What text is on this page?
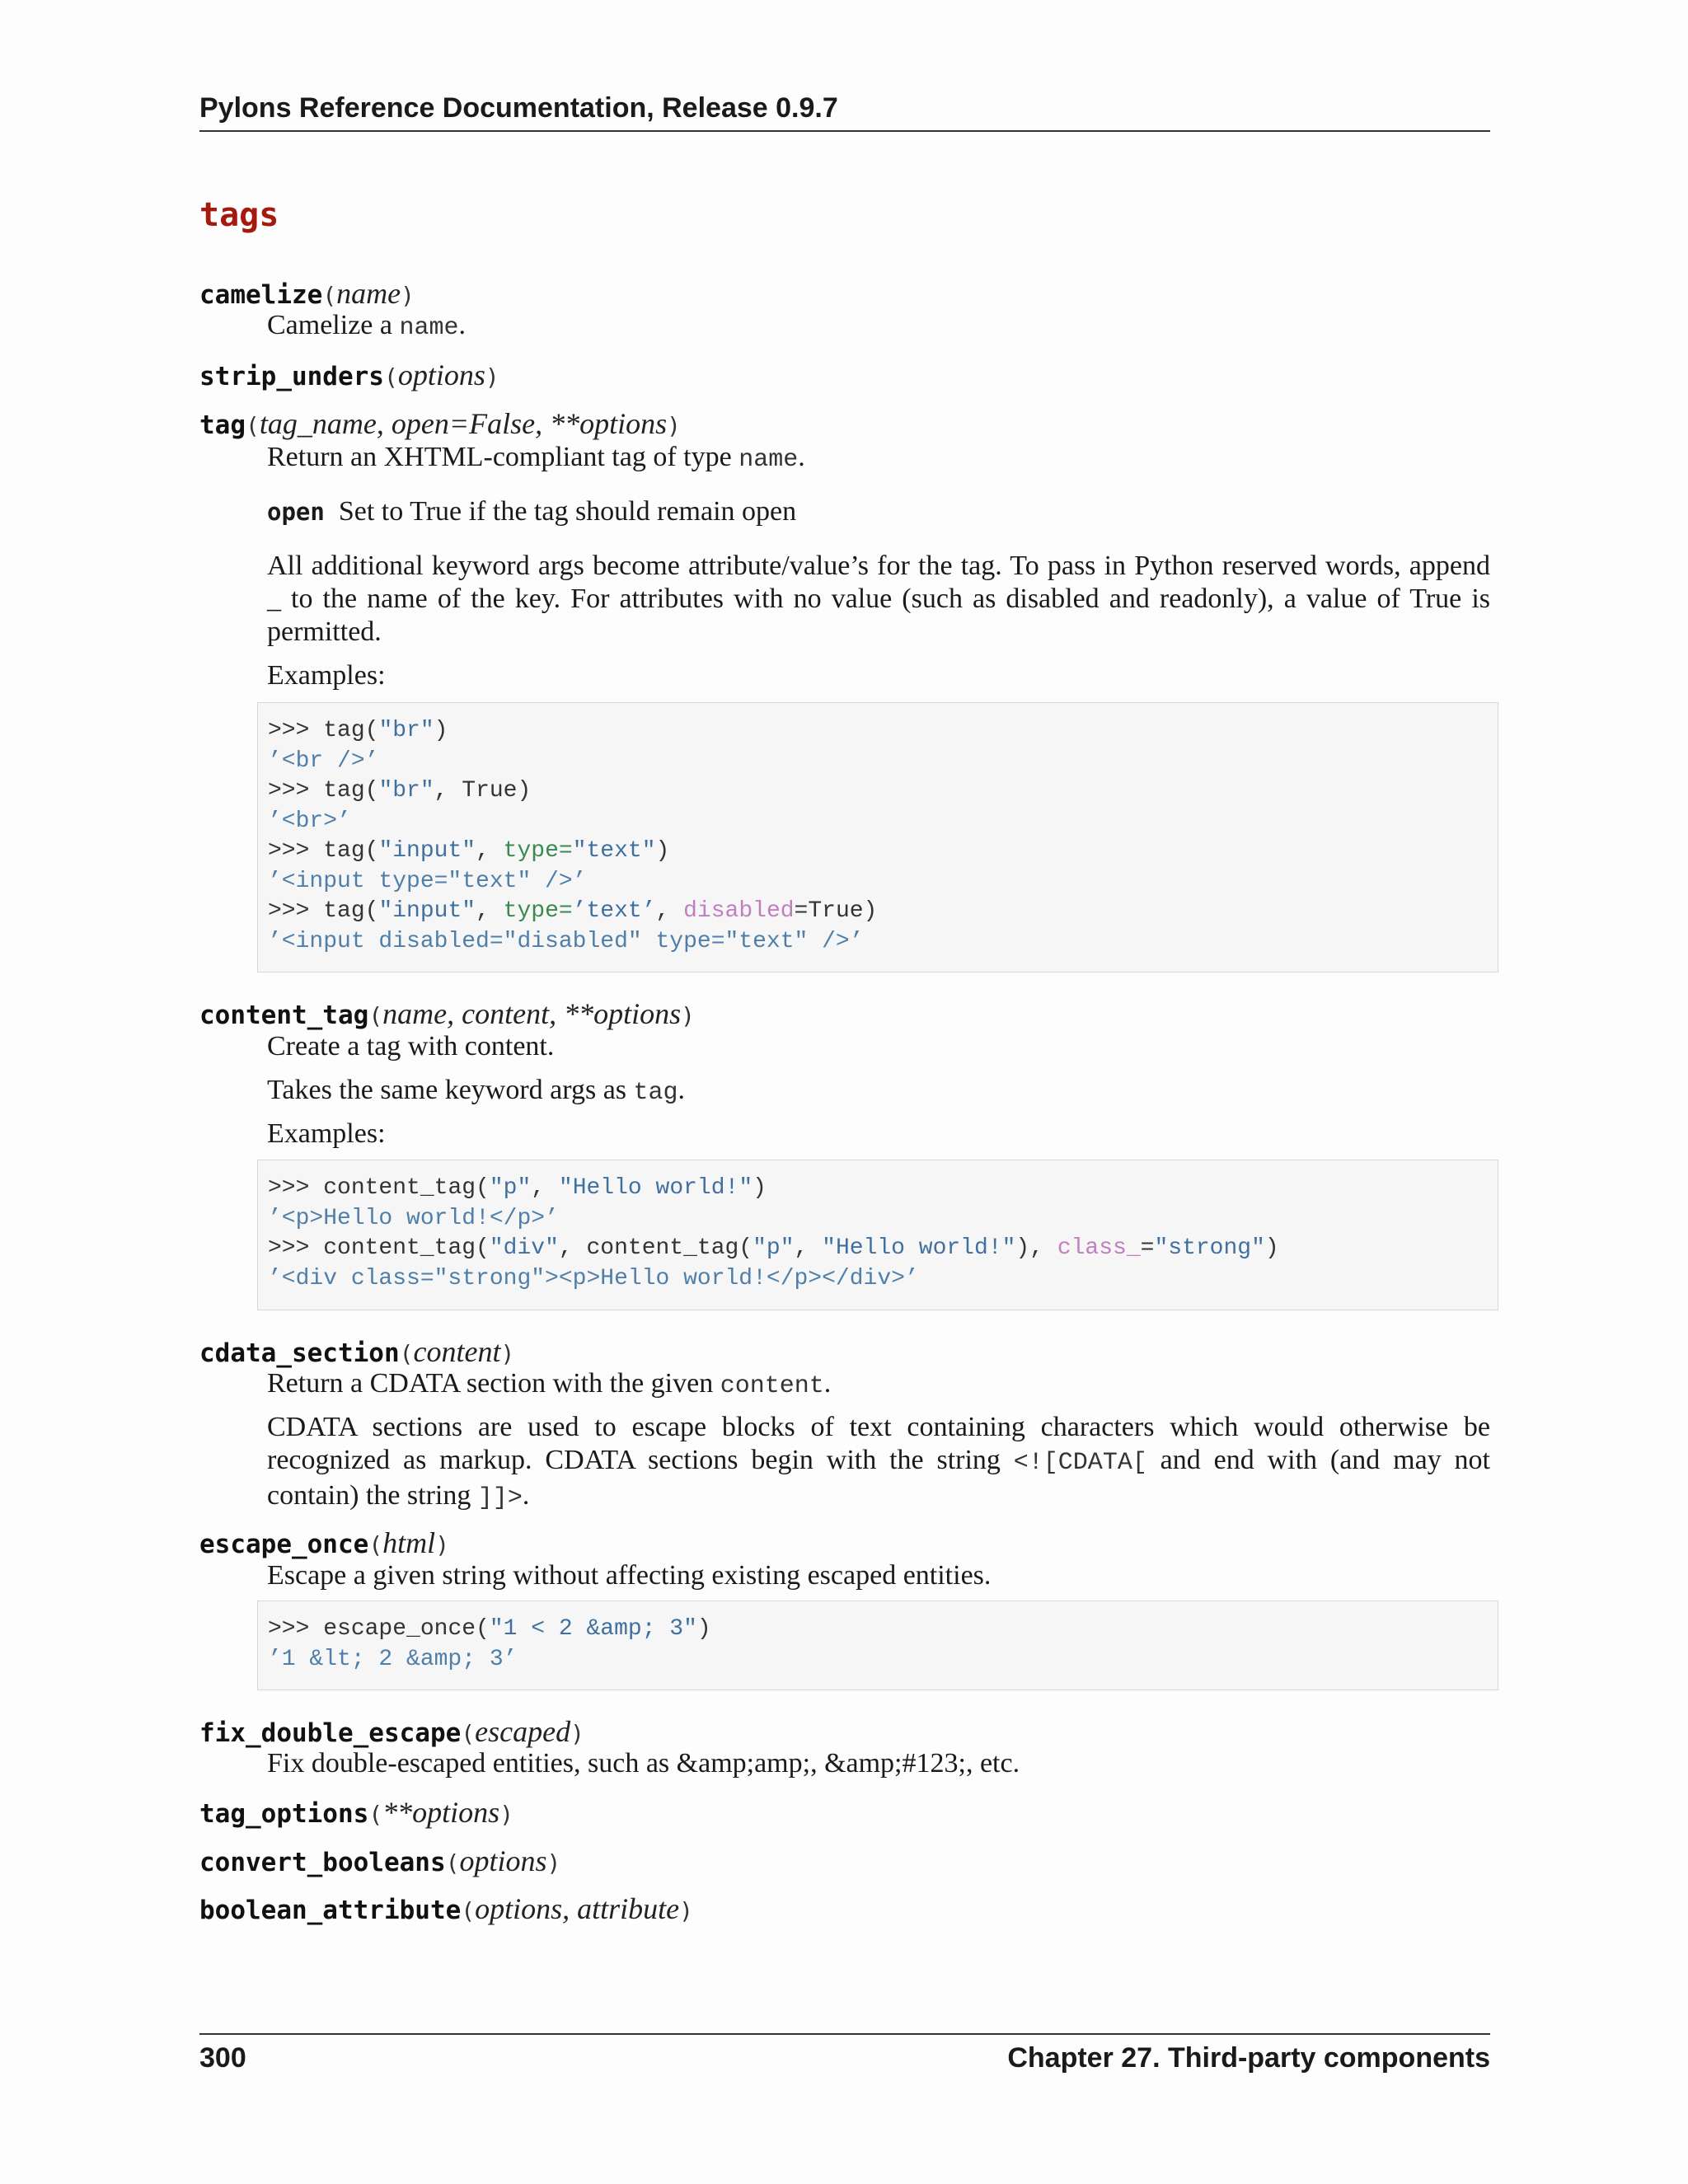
Pylons Reference Documentation, Release 0.9.7
tags
camelize(name)
Camelize a name.
strip_unders(options)
tag(tag_name, open=False, **options)
Return an XHTML-compliant tag of type name.
open Set to True if the tag should remain open
All additional keyword args become attribute/value’s for the tag. To pass in Python reserved words, append _ to the name of the key. For attributes with no value (such as disabled and readonly), a value of True is permitted.
Examples:
>>> tag("br")
’<br />’
>>> tag("br", True)
’<br>’
>>> tag("input", type="text")
’<input type="text" />’
>>> tag("input", type=’text’, disabled=True)
’<input disabled="disabled" type="text" />’
content_tag(name, content, **options)
Create a tag with content.
Takes the same keyword args as tag.
Examples:
>>> content_tag("p", "Hello world!")
’<p>Hello world!</p>’
>>> content_tag("div", content_tag("p", "Hello world!"), class_="strong")
’<div class="strong"><p>Hello world!</p></div>’
cdata_section(content)
Return a CDATA section with the given content.
CDATA sections are used to escape blocks of text containing characters which would otherwise be recognized as markup. CDATA sections begin with the string <![CDATA[ and end with (and may not contain) the string ]]>.
escape_once(html)
Escape a given string without affecting existing escaped entities.
>>> escape_once("1 < 2 &amp; 3")
’1 &lt; 2 &amp; 3’
fix_double_escape(escaped)
Fix double-escaped entities, such as &amp;amp;, &amp;#123;, etc.
tag_options(**options)
convert_booleans(options)
boolean_attribute(options, attribute)
300	Chapter 27. Third-party components
